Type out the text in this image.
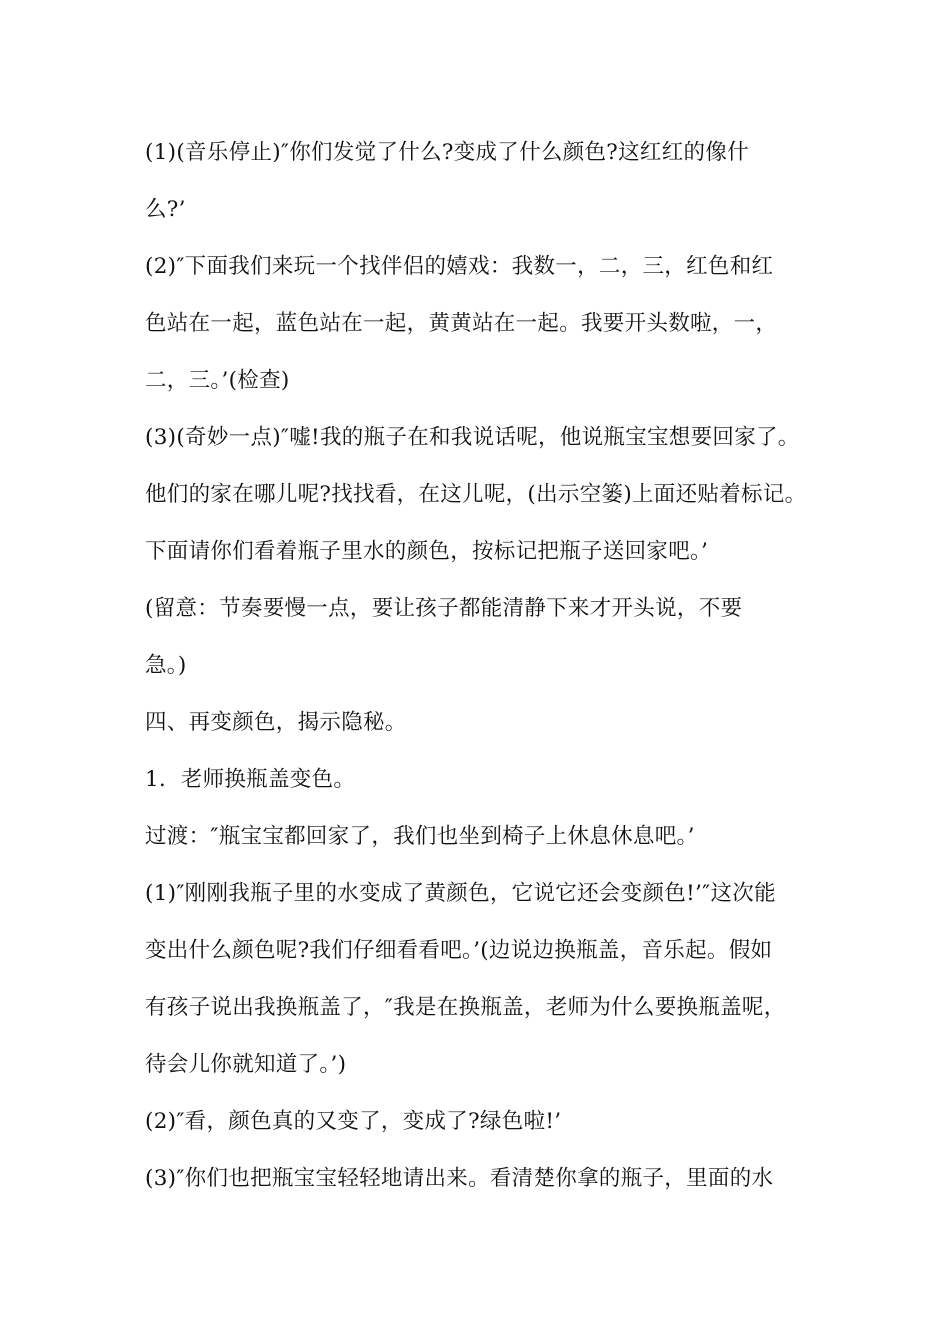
(1)(音乐停止)″你们发觉了什么?变成了什么颜色?这红红的像什
么?’
(2)″下面我们来玩一个找伴侣的嬉戏：我数一，二，三，红色和红
色站在一起，蓝色站在一起，黄黄站在一起。我要开头数啦，一，
二，三。’(检查)
(3)(奇妙一点)″嘘!我的瓶子在和我说话呢，他说瓶宝宝想要回家了。
他们的家在哪儿呢?找找看，在这儿呢，(出示空篓)上面还贴着标记。
下面请你们看着瓶子里水的颜色，按标记把瓶子送回家吧。’
(留意：节奏要慢一点，要让孩子都能清静下来才开头说，不要
急。)
四、再变颜色，揭示隐秘。
1．老师换瓶盖变色。
过渡：″瓶宝宝都回家了，我们也坐到椅子上休息休息吧。’
(1)″刚刚我瓶子里的水变成了黄颜色，它说它还会变颜色!’″这次能
变出什么颜色呢?我们仔细看看吧。’(边说边换瓶盖，音乐起。假如
有孩子说出我换瓶盖了，″我是在换瓶盖，老师为什么要换瓶盖呢，
待会儿你就知道了。’)
(2)″看，颜色真的又变了，变成了?绿色啦!’
(3)″你们也把瓶宝宝轻轻地请出来。看清楚你拿的瓶子，里面的水
